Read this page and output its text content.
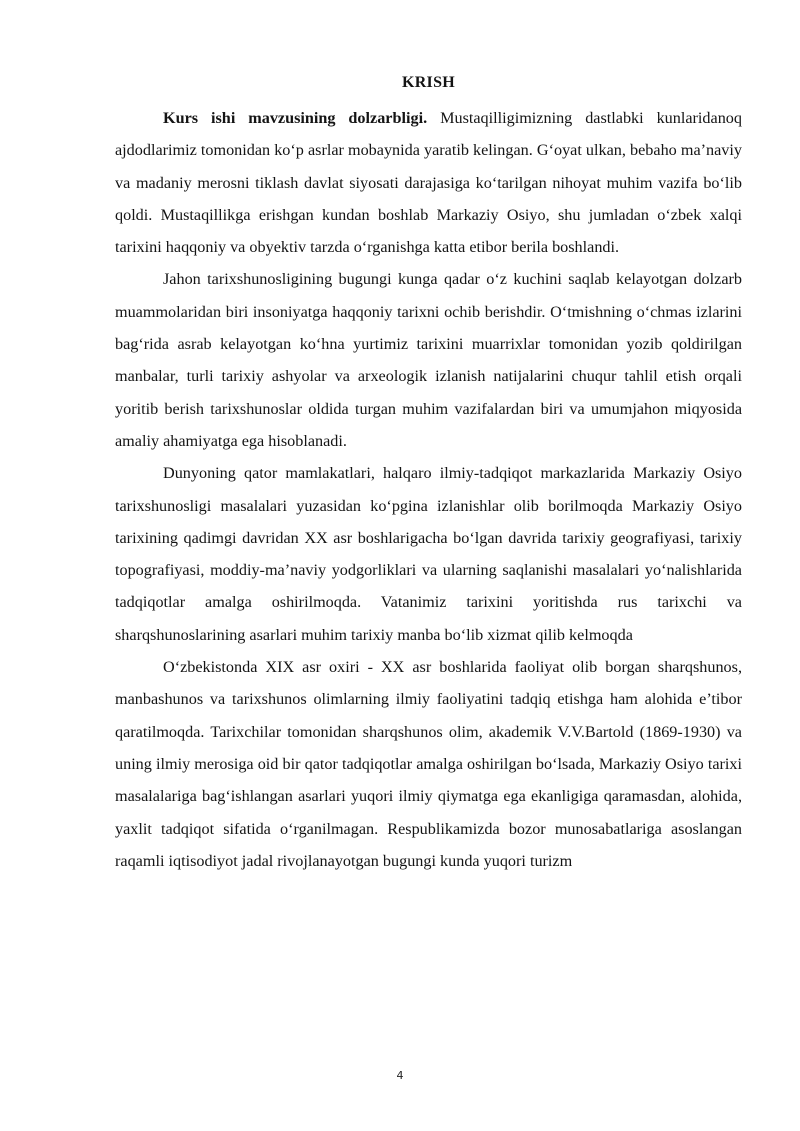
KRISH

Kurs ishi mavzusining dolzarbligi. Mustaqilligimizning dastlabki kunlaridanoq ajdodlarimiz tomonidan ko‘p asrlar mobaynida yaratib kelingan. G‘oyat ulkan, bebaho ma’naviy va madaniy merosni tiklash davlat siyosati darajasiga ko‘tarilgan nihoyat muhim vazifa bo‘lib qoldi. Mustaqillikga erishgan kundan boshlab Markaziy Osiyo, shu jumladan o‘zbek xalqi tarixini haqqoniy va obyektiv tarzda o‘rganishga katta etibor berila boshlandi.

Jahon tarixshunosligining bugungi kunga qadar o‘z kuchini saqlab kelayotgan dolzarb muammolaridan biri insoniyatga haqqoniy tarixni ochib berishdir. O‘tmishning o‘chmas izlarini bag‘rida asrab kelayotgan ko‘hna yurtimiz tarixini muarrixlar tomonidan yozib qoldirilgan manbalar, turli tarixiy ashyolar va arxeologik izlanish natijalarini chuqur tahlil etish orqali yoritib berish tarixshunoslar oldida turgan muhim vazifalardan biri va umumjahon miqyosida amaliy ahamiyatga ega hisoblanadi.

Dunyoning qator mamlakatlari, halqaro ilmiy-tadqiqot markazlarida Markaziy Osiyo tarixshunosligi masalalari yuzasidan ko‘pgina izlanishlar olib borilmoqda Markaziy Osiyo tarixining qadimgi davridan XX asr boshlarigacha bo‘lgan davrida tarixiy geografiyasi, tarixiy topografiyasi, moddiy-ma’naviy yodgorliklari va ularning saqlanishi masalalari yo‘nalishlarida tadqiqotlar amalga oshirilmoqda. Vatanimiz tarixini yoritishda rus tarixchi va sharqshunoslarining asarlari muhim tarixiy manba bo‘lib xizmat qilib kelmoqda

O‘zbekistonda XIX asr oxiri - XX asr boshlarida faoliyat olib borgan sharqshunos, manbashunos va tarixshunos olimlarning ilmiy faoliyatini tadqiq etishga ham alohida e’tibor qaratilmoqda. Tarixchilar tomonidan sharqshunos olim, akademik V.V.Bartold (1869-1930) va uning ilmiy merosiga oid bir qator tadqiqotlar amalga oshirilgan bo‘lsada, Markaziy Osiyo tarixi masalalariga bag‘ishlangan asarlari yuqori ilmiy qiymatga ega ekanligiga qaramasdan, alohida, yaxlit tadqiqot sifatida o‘rganilmagan. Respublikamizda bozor munosabatlariga asoslangan raqamli iqtisodiyot jadal rivojlanayotgan bugungi kunda yuqori turizm

4
